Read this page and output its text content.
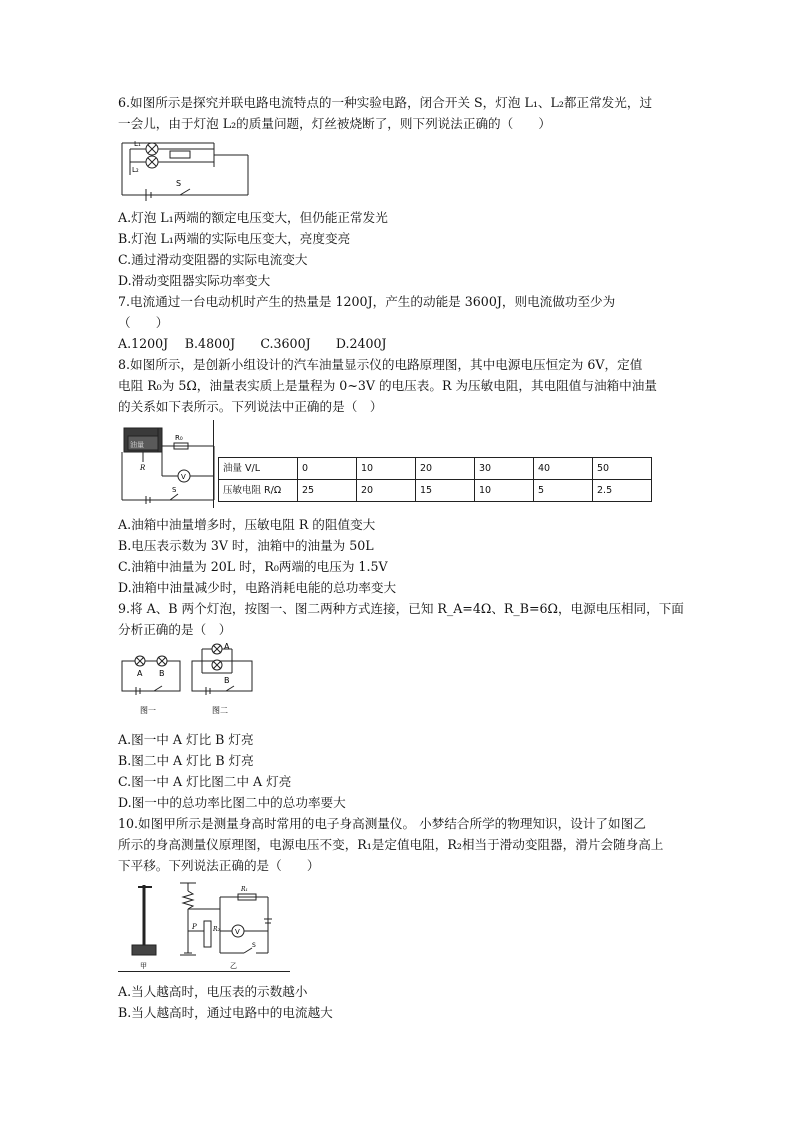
6.如图所示是探究并联电路电流特点的一种实验电路，闭合开关 S，灯泡 L₁、L₂都正常发光，过
一会儿，由于灯泡 L₂的质量问题，灯丝被烧断了，则下列说法正确的（　　）
L₁
L₂
S
A.灯泡 L₁两端的额定电压变大，但仍能正常发光
B.灯泡 L₁两端的实际电压变大，亮度变亮
C.通过滑动变阻器的实际电流变大
D.滑动变阻器实际功率变大
7.电流通过一台电动机时产生的热量是 1200J，产生的动能是 3600J，则电流做功至少为
（　　）
A.1200J　 B.4800J　　C.3600J　　D.2400J
8.如图所示，是创新小组设计的汽车油量显示仪的电路原理图，其中电源电压恒定为 6V，定值
电阻 R₀为 5Ω，油量表实质上是量程为 0~3V 的电压表。R 为压敏电阻，其电阻值与油箱中油量
的关系如下表所示。下列说法中正确的是（　）
油量
R₀
R
V
S
油量 V/L	0	10	20	30	40	50
压敏电阻 R/Ω	25	20	15	10	5	2.5
A.油箱中油量增多时，压敏电阻 R 的阻值变大
B.电压表示数为 3V 时，油箱中的油量为 50L
C.油箱中油量为 20L 时，R₀两端的电压为 1.5V
D.油箱中油量减少时，电路消耗电能的总功率变大
9.将 A、B 两个灯泡，按图一、图二两种方式连接，已知 R_A=4Ω、R_B=6Ω，电源电压相同，下面
分析正确的是（　）
A B
A
B
图一	图二
A.图一中 A 灯比 B 灯亮
B.图二中 A 灯比 B 灯亮
C.图一中 A 灯比图二中 A 灯亮
D.图一中的总功率比图二中的总功率要大
10.如图甲所示是测量身高时常用的电子身高测量仪。 小梦结合所学的物理知识，设计了如图乙
所示的身高测量仪原理图，电源电压不变，R₁是定值电阻，R₂相当于滑动变阻器，滑片会随身高上
下平移。下列说法正确的是（　　）
甲	乙
R₁
R₂
P
V
S
A.当人越高时，电压表的示数越小
B.当人越高时，通过电路中的电流越大
